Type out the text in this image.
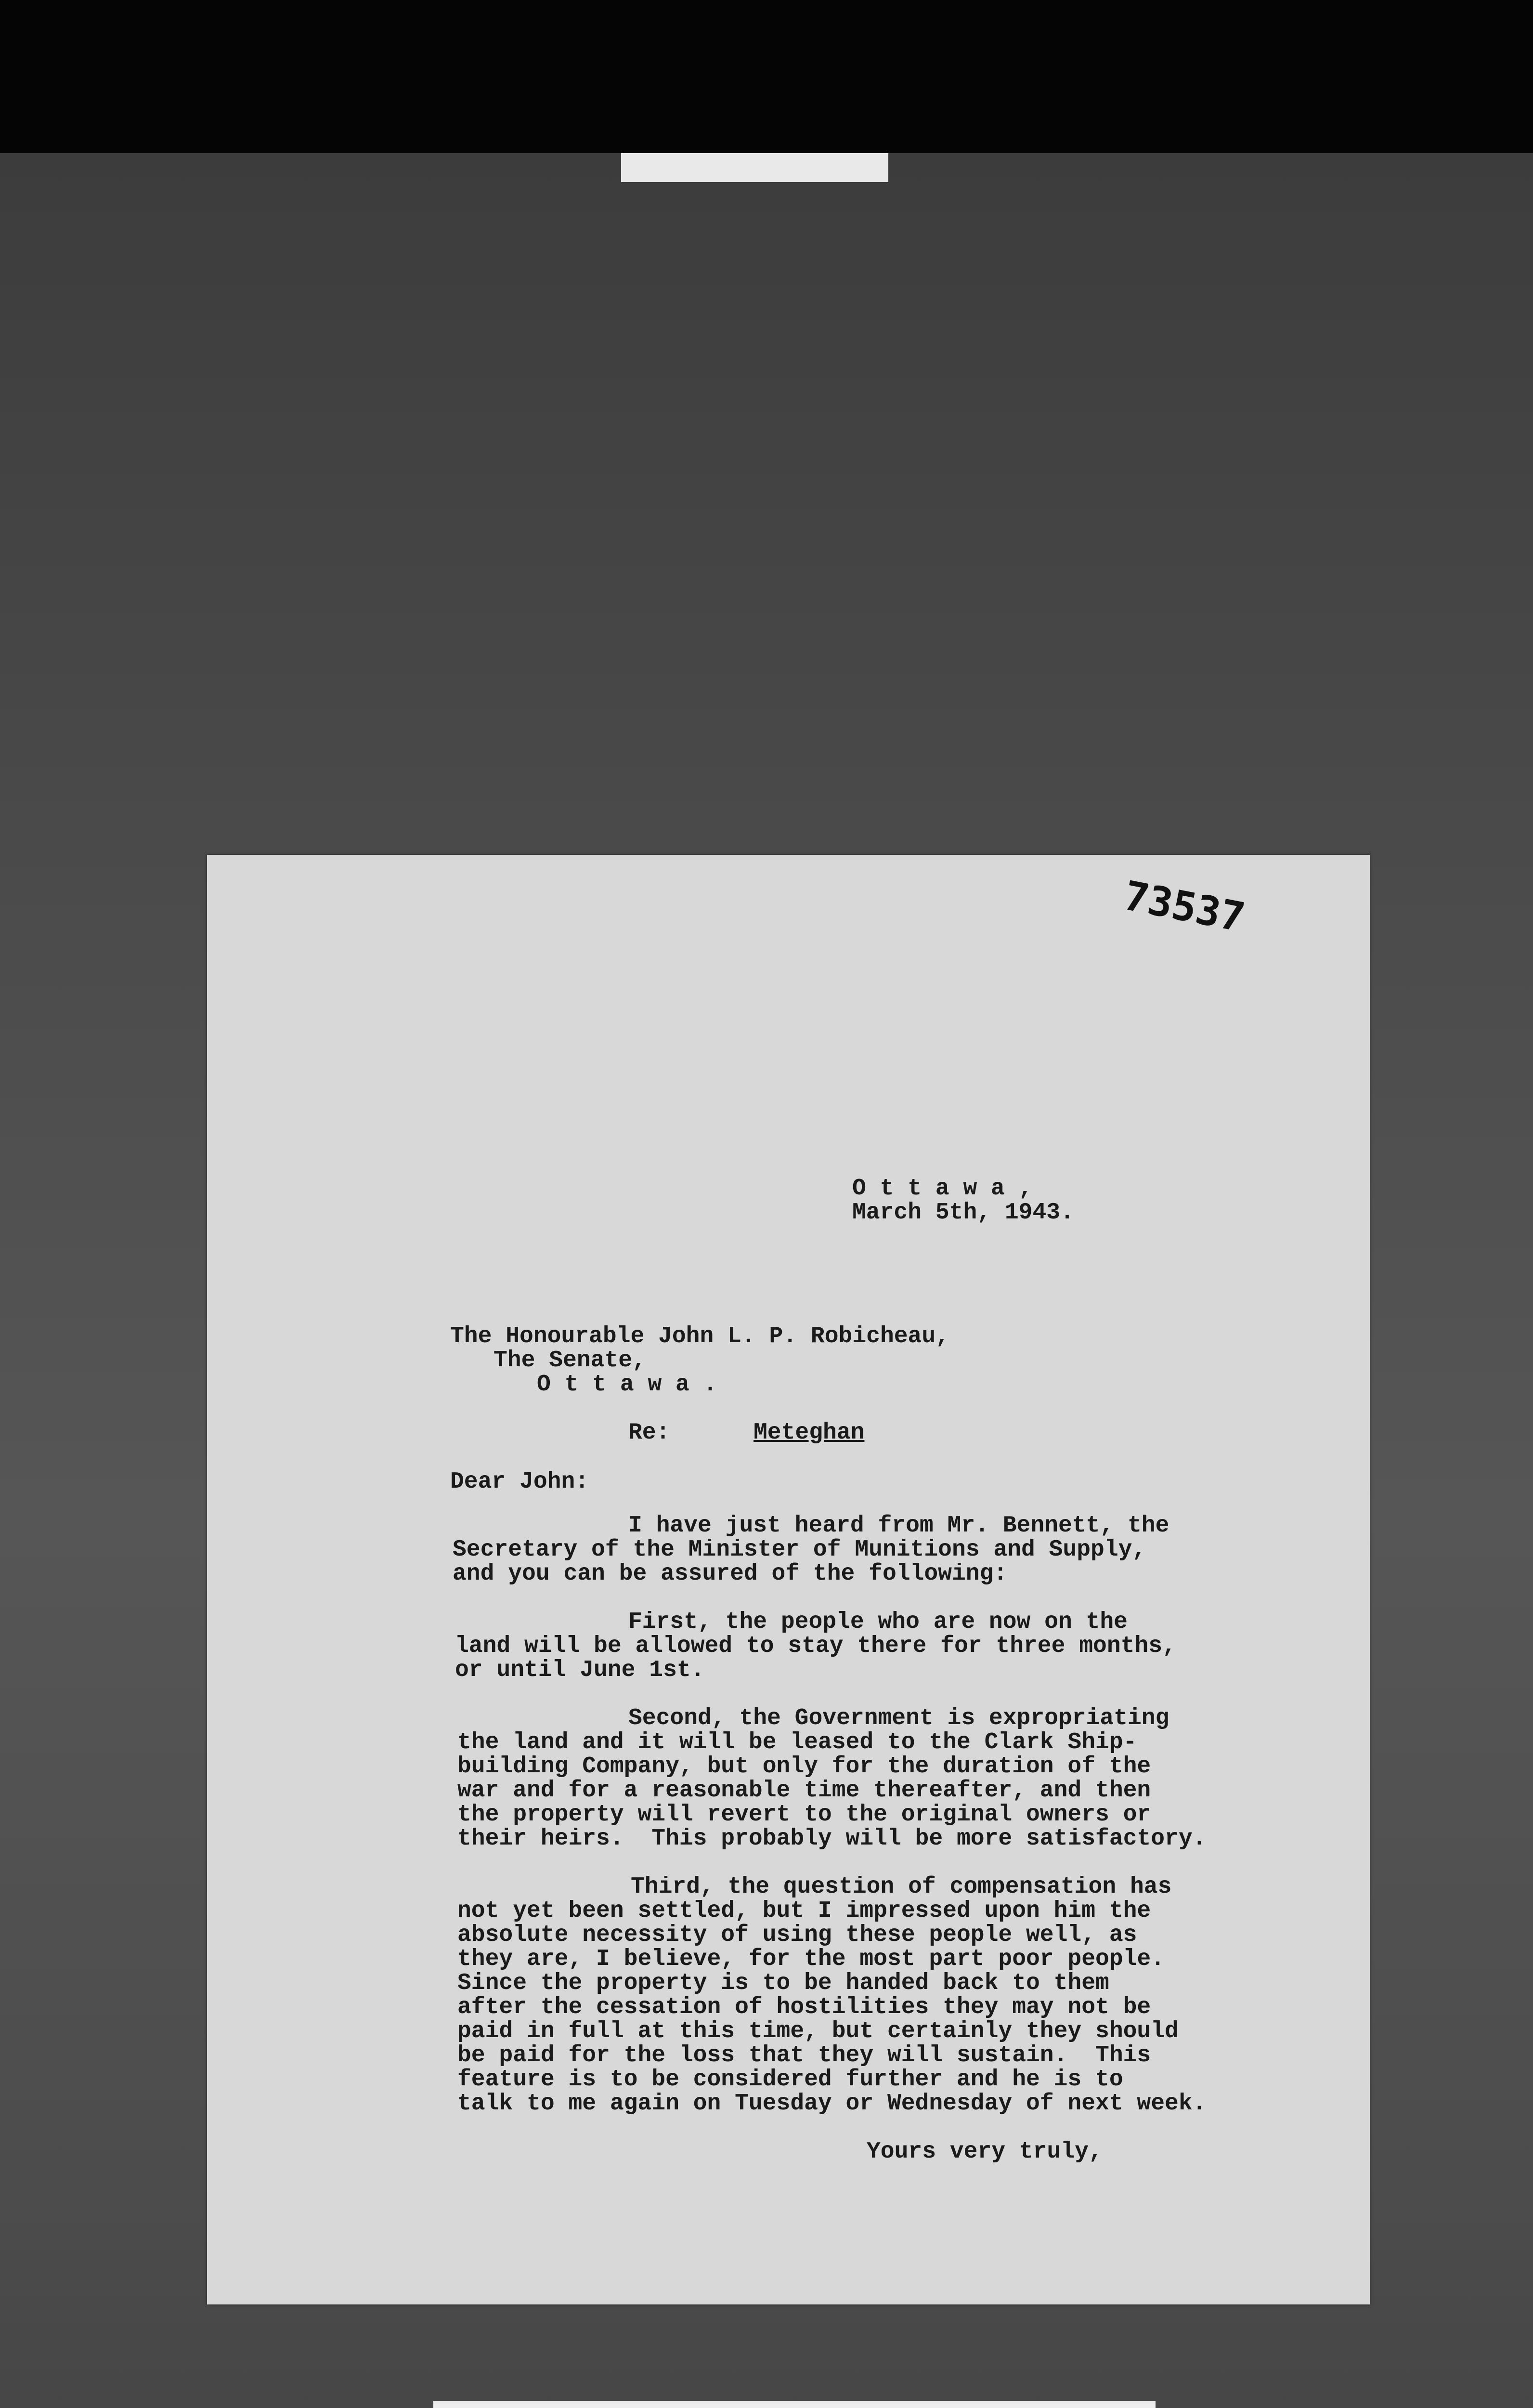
73537
O t t a w a ,
March 5th, 1943.
The Honourable John L. P. Robicheau,
The Senate,
O t t a w a .
Re:	Meteghan
Dear John:
I have just heard from Mr. Bennett, the
Secretary of the Minister of Munitions and Supply,
and you can be assured of the following:
First, the people who are now on the
land will be allowed to stay there for three months,
or until June 1st.
Second, the Government is expropriating
the land and it will be leased to the Clark Ship-
building Company, but only for the duration of the
war and for a reasonable time thereafter, and then
the property will revert to the original owners or
their heirs.  This probably will be more satisfactory.
Third, the question of compensation has
not yet been settled, but I impressed upon him the
absolute necessity of using these people well, as
they are, I believe, for the most part poor people.
Since the property is to be handed back to them
after the cessation of hostilities they may not be
paid in full at this time, but certainly they should
be paid for the loss that they will sustain.  This
feature is to be considered further and he is to
talk to me again on Tuesday or Wednesday of next week.
Yours very truly,
